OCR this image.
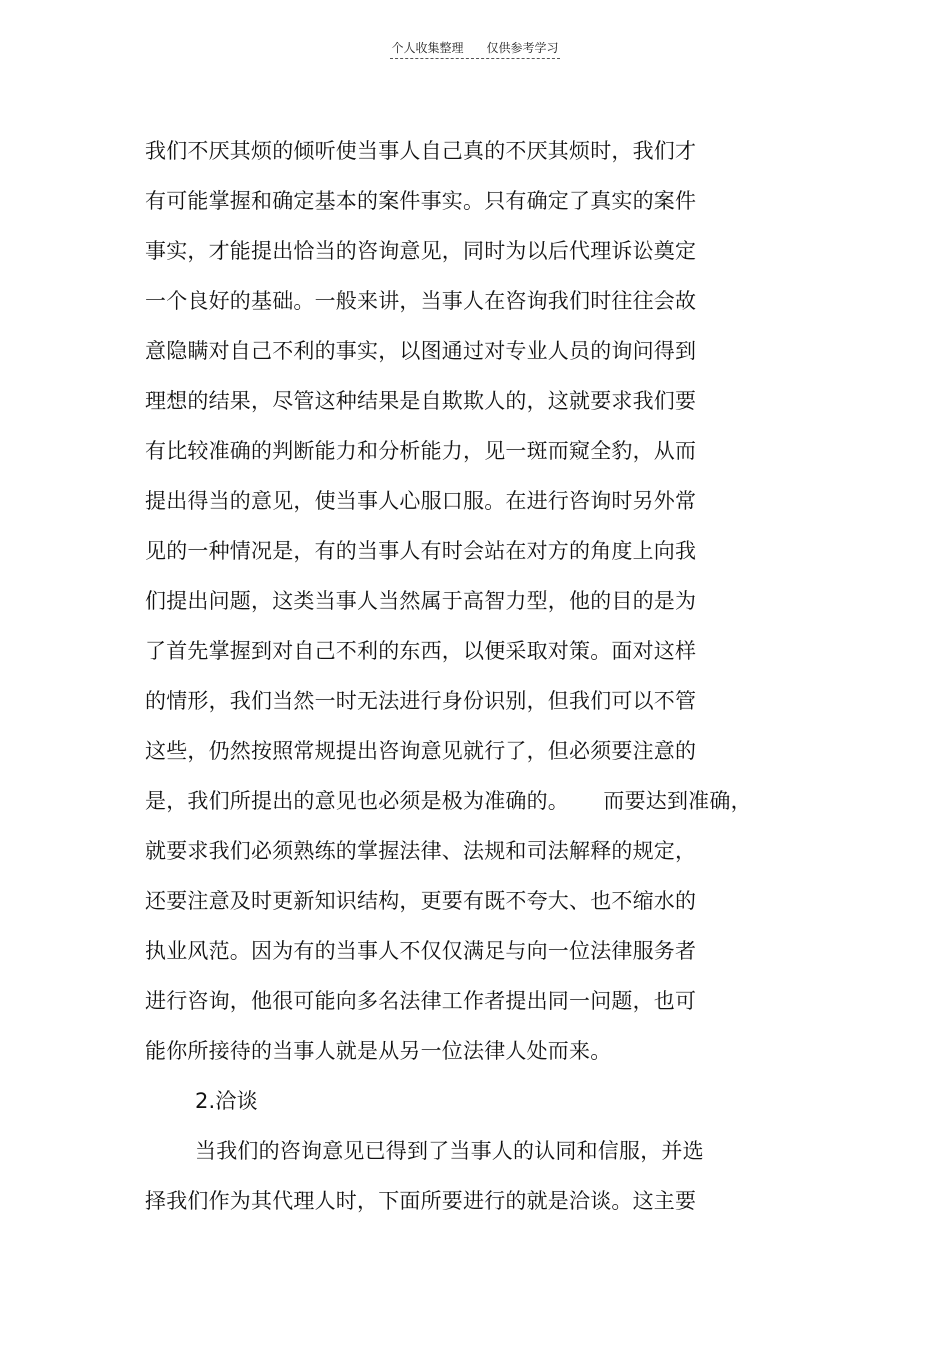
个人收集整理 仅供参考学习
我们不厌其烦的倾听使当事人自己真的不厌其烦时，我们才
有可能掌握和确定基本的案件事实。只有确定了真实的案件
事实，才能提出恰当的咨询意见，同时为以后代理诉讼奠定
一个良好的基础。一般来讲，当事人在咨询我们时往往会故
意隐瞒对自己不利的事实，以图通过对专业人员的询问得到
理想的结果，尽管这种结果是自欺欺人的，这就要求我们要
有比较准确的判断能力和分析能力，见一斑而窥全豹，从而
提出得当的意见，使当事人心服口服。在进行咨询时另外常
见的一种情况是，有的当事人有时会站在对方的角度上向我
们提出问题，这类当事人当然属于高智力型，他的目的是为
了首先掌握到对自己不利的东西，以便采取对策。面对这样
的情形，我们当然一时无法进行身份识别，但我们可以不管
这些，仍然按照常规提出咨询意见就行了，但必须要注意的
是，我们所提出的意见也必须是极为准确的。     而要达到准确，
就要求我们必须熟练的掌握法律、法规和司法解释的规定，
还要注意及时更新知识结构，更要有既不夸大、也不缩水的
执业风范。因为有的当事人不仅仅满足与向一位法律服务者
进行咨询，他很可能向多名法律工作者提出同一问题，也可
能你所接待的当事人就是从另一位法律人处而来。
2.洽谈
当我们的咨询意见已得到了当事人的认同和信服，并选
择我们作为其代理人时，下面所要进行的就是洽谈。这主要
